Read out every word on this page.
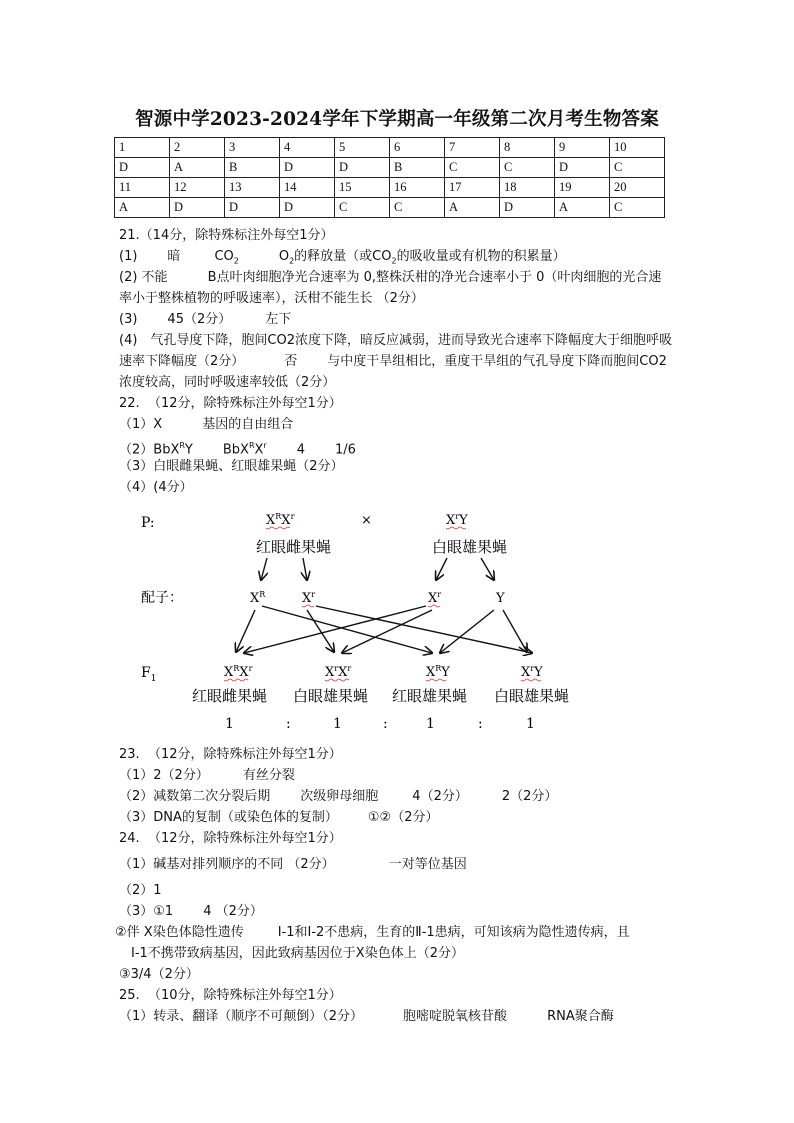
智源中学2023-2024学年下学期高一年级第二次月考生物答案
1	2	3	4	5	6	7	8	9	10
D	A	B	D	D	B	C	C	D	C
11	12	13	14	15	16	17	18	19	20
A	D	D	D	C	C	A	D	A	C
21.（14分，除特殊标注外每空1分）
(1) 暗	$CO_2$	$O_2$的释放量（或$CO_2$的吸收量或有机物的积累量）
(2) 不能	B点叶肉细胞净光合速率为 0,整株沃柑的净光合速率小于 0（叶肉细胞的光合速
率小于整株植物的呼吸速率），沃柑不能生长 （2分）
(3) 45（2分）	左下
(4)　气孔导度下降，胞间CO2浓度下降，暗反应减弱，进而导致光合速率下降幅度大于细胞呼吸
速率下降幅度（2分）	否 与中度干旱组相比，重度干旱组的气孔导度下降而胞间CO2
浓度较高，同时呼吸速率较低（2分）
22.  （12分，除特殊标注外每空1分）
（1）X	基因的自由组合
（2）BbX$^R$Y $BbX^RX^r$ 4 1/6
（3）白眼雌果蝇、红眼雄果蝇（2分）
（4）(4分）
P:	$X^RX^r$	×	$X^rY$
红眼雌果蝇	白眼雄果蝇
配子：	$X^R$	$X^r$	$X^r$	Y
$F_1$	$X^RX^r$	$X^rX^r$	$X^RY$	$X^rY$
红眼雌果蝇 白眼雄果蝇 红眼雄果蝇 白眼雄果蝇
1	:	1	:	1	:	1
23.  （12分，除特殊标注外每空1分）
（1）2（2分）	有丝分裂
（2）减数第二次分裂后期 次级卵母细胞	4（2分）	2（2分）
（3）DNA的复制（或染色体的复制） ①②（2分）
24.  （12分，除特殊标注外每空1分）
（1）碱基对排列顺序的不同 （2分）	一对等位基因
（2）1
（3）①1 4 （2分）
②伴 X染色体隐性遗传	Ⅰ-1和Ⅰ-2不患病，生育的Ⅱ-1患病，可知该病为隐性遗传病，且
Ⅰ-1不携带致病基因，因此致病基因位于X染色体上（2分）
③3/4（2分）
25.  （10分，除特殊标注外每空1分）
（1）转录、翻译（顺序不可颠倒）（2分）	胞嘧啶脱氧核苷酸	RNA聚合酶
